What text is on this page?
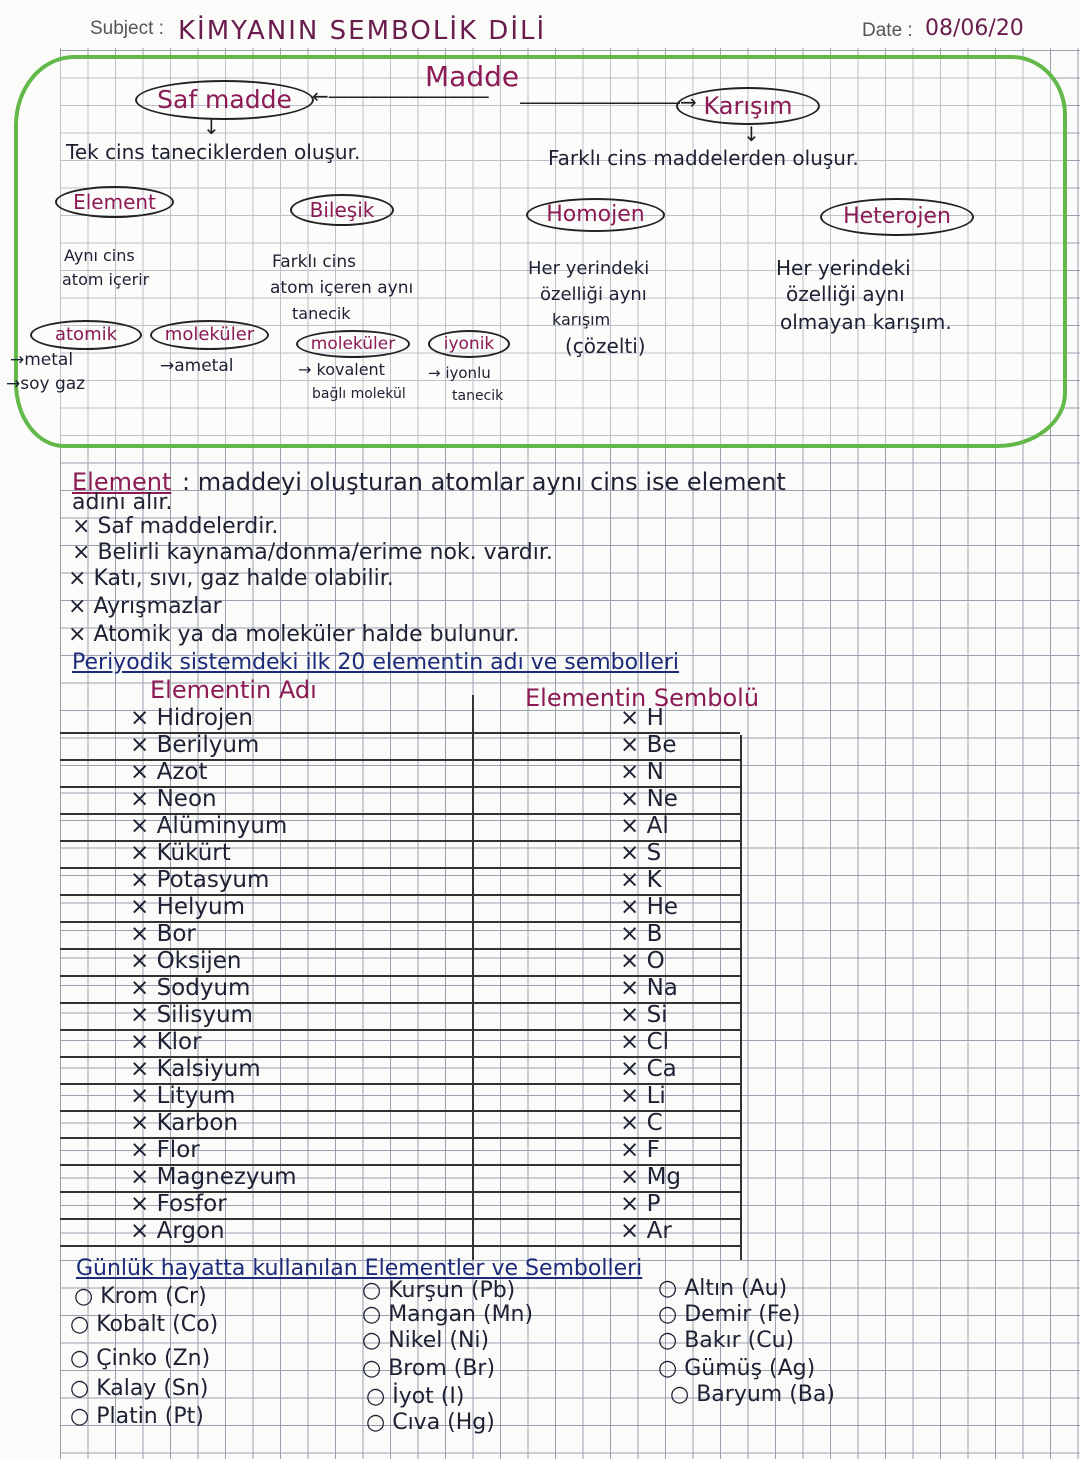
Subject : KİMYANIN SEMBOLİK DİLİ	Date : 08/06/20
Madde
Saf madde	←―――――――― ――――――――→ Karışım
↓	↓
Tek cins taneciklerden oluşur.	Farklı cins maddelerden oluşur.
Element	Bileşik	Homojen	Heterojen
Aynı cins
atom içerir
Farklı cins
atom içeren aynı
tanecik
Her yerindeki
özelliği aynı
karışım
(çözelti)
Her yerindeki
özelliği aynı
olmayan karışım.
atomik	moleküler	moleküler	iyonik
→metal
→soy gaz
→ametal	→ kovalent
bağlı molekül
→ iyonlu
tanecik
Element : maddeyi oluşturan atomlar aynı cins ise element
adını alır.
× Saf maddelerdir.
× Belirli kaynama/donma/erime nok. vardır.
× Katı, sıvı, gaz halde olabilir.
× Ayrışmazlar
× Atomik ya da moleküler halde bulunur.
Periyodik sistemdeki ilk 20 elementin adı ve sembolleri
Elementin Adı	Elementin Sembolü
× Hidrojen	× H
× Berilyum	× Be
× Azot	× N
× Neon	× Ne
× Alüminyum	× Al
× Kükürt	× S
× Potasyum	× K
× Helyum	× He
× Bor	× B
× Oksijen	× O
× Sodyum	× Na
× Silisyum	× Si
× Klor	× Cl
× Kalsiyum	× Ca
× Lityum	× Li
× Karbon	× C
× Flor	× F
× Magnezyum	× Mg
× Fosfor	× P
× Argon	× Ar
Günlük hayatta kullanılan Elementler ve Sembolleri
○ Krom (Cr)
○ Kobalt (Co)
○ Çinko (Zn)
○ Kalay (Sn)
○ Platin (Pt)
○ Kurşun (Pb)
○ Mangan (Mn)
○ Nikel (Ni)
○ Brom (Br)
○ İyot (I)
○ Cıva (Hg)
○ Altın (Au)
○ Demir (Fe)
○ Bakır (Cu)
○ Gümüş (Ag)
○ Baryum (Ba)
